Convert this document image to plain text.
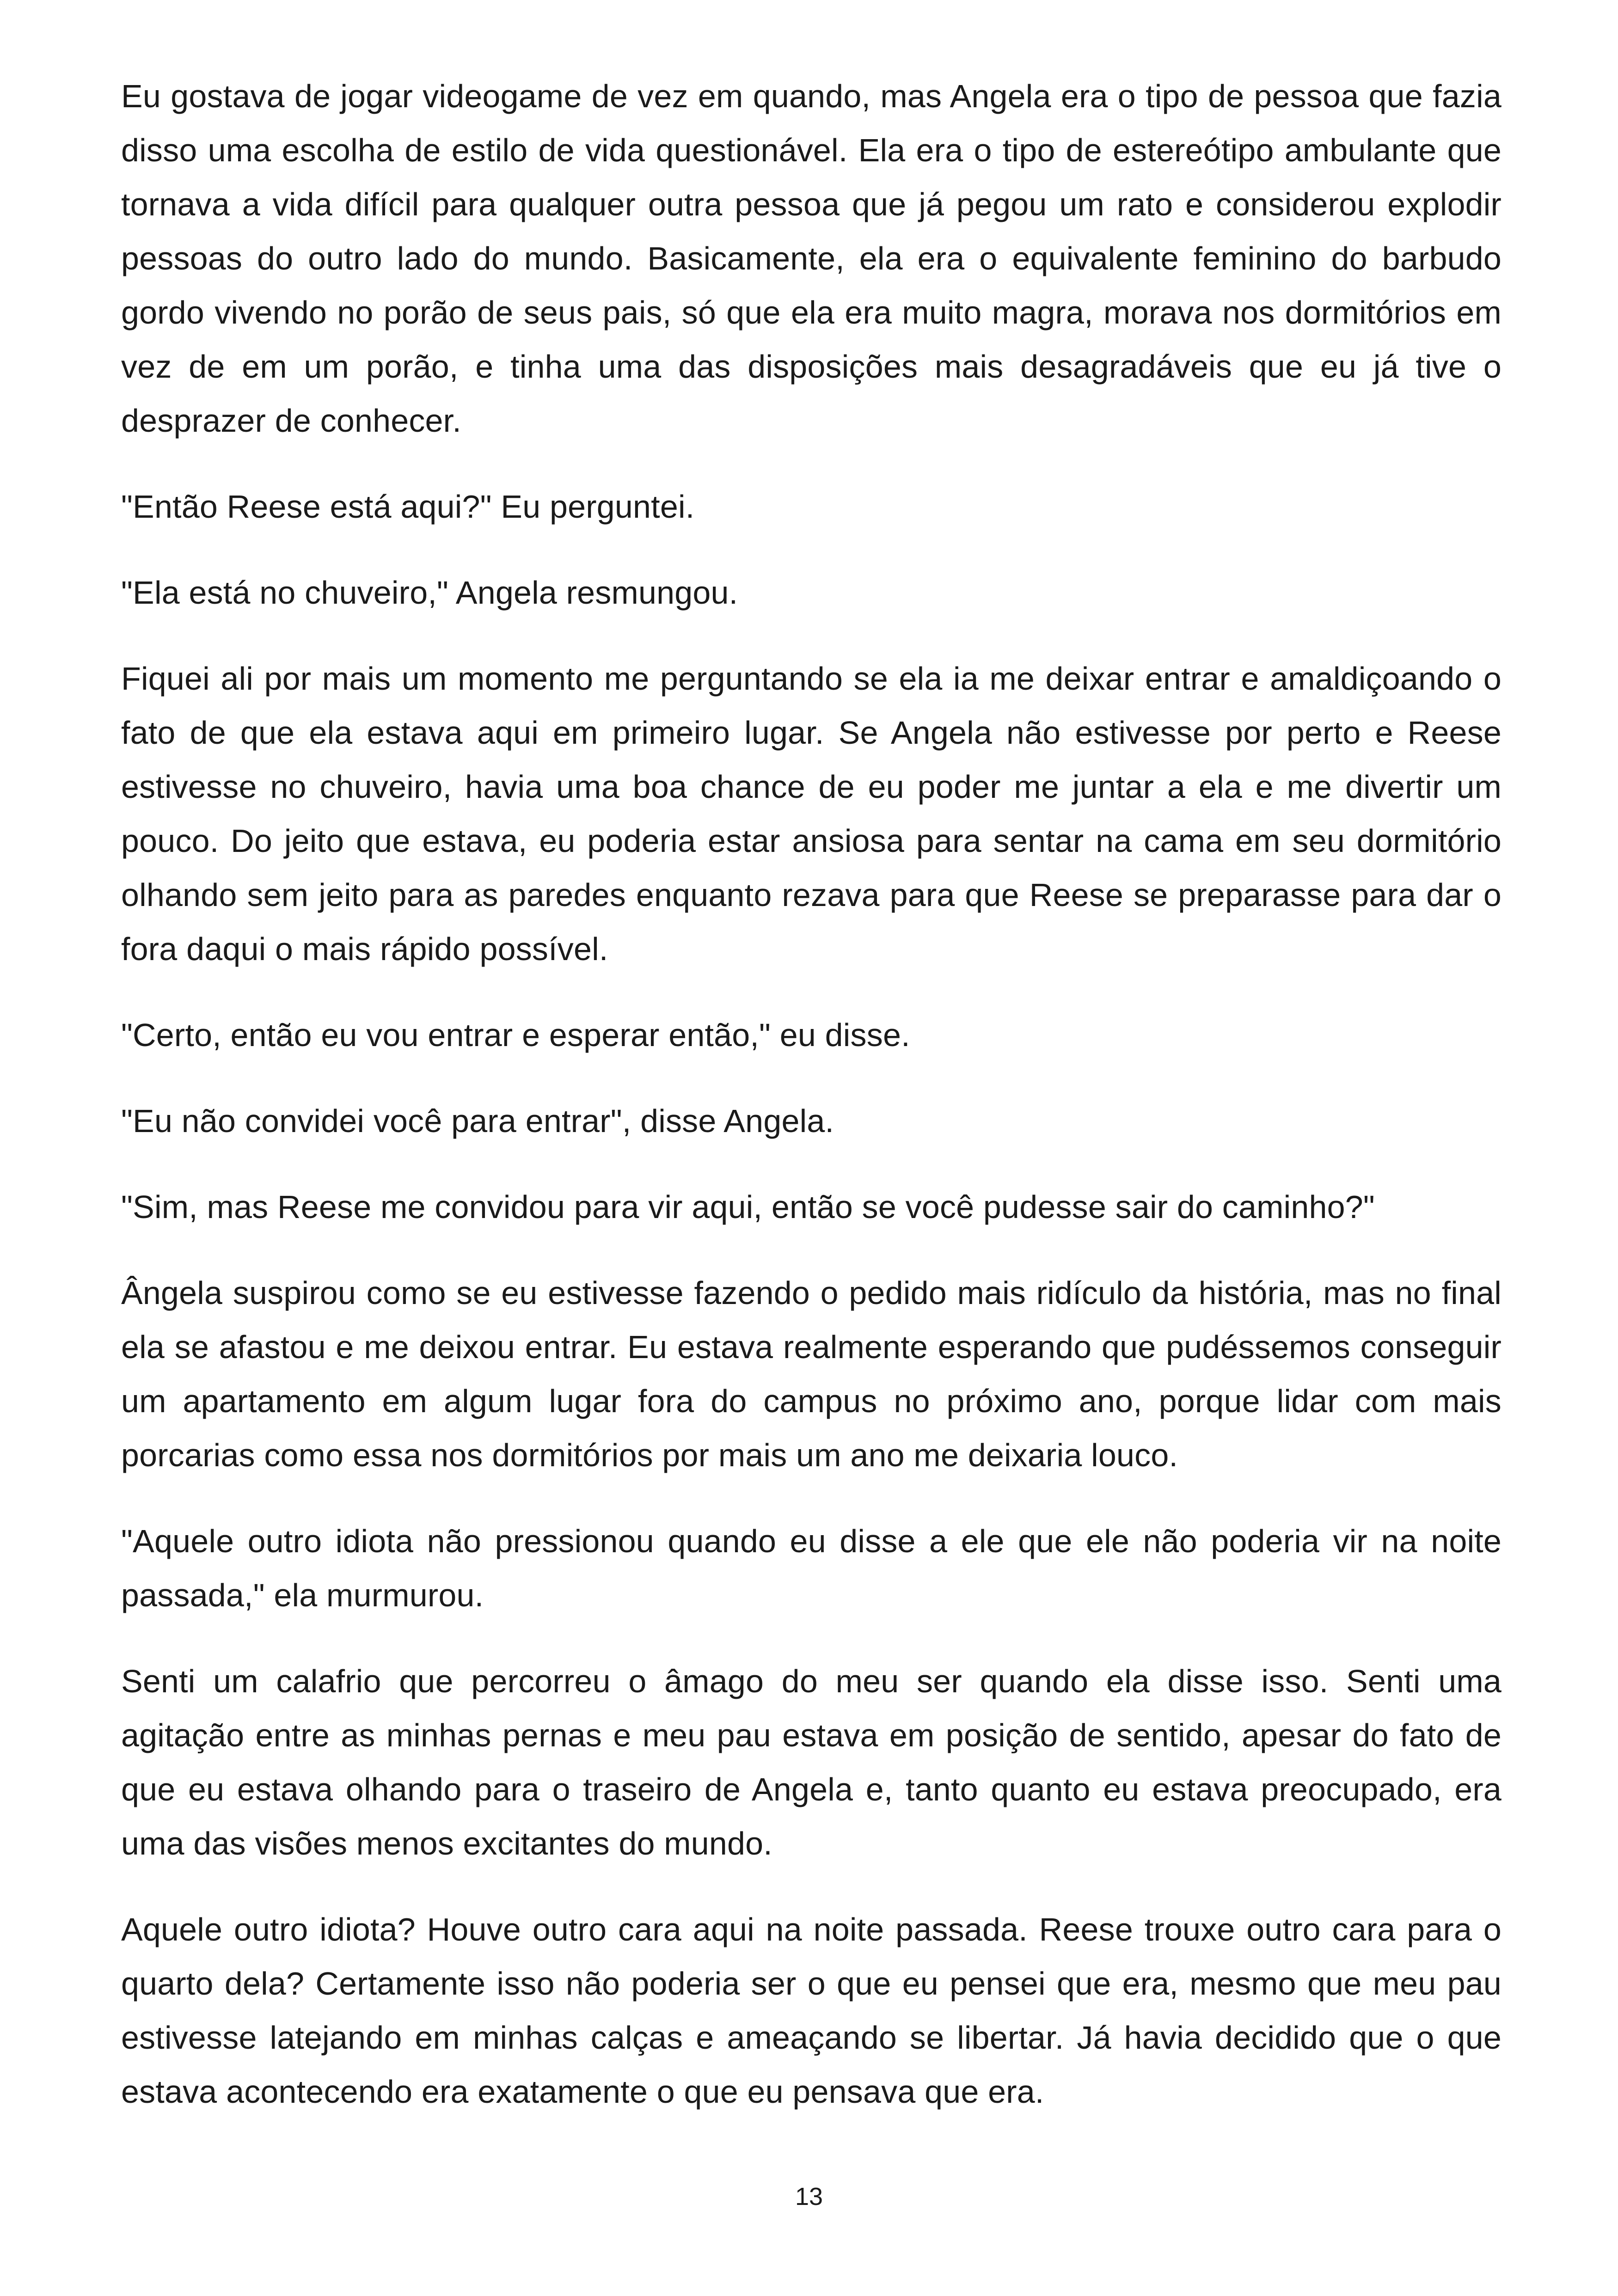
Eu gostava de jogar videogame de vez em quando, mas Angela era o tipo de pessoa que fazia disso uma escolha de estilo de vida questionável. Ela era o tipo de estereótipo ambulante que tornava a vida difícil para qualquer outra pessoa que já pegou um rato e considerou explodir pessoas do outro lado do mundo. Basicamente, ela era o equivalente feminino do barbudo gordo vivendo no porão de seus pais, só que ela era muito magra, morava nos dormitórios em vez de em um porão, e tinha uma das disposições mais desagradáveis que eu já tive o desprazer de conhecer.

"Então Reese está aqui?" Eu perguntei.

"Ela está no chuveiro," Angela resmungou.

Fiquei ali por mais um momento me perguntando se ela ia me deixar entrar e amaldiçoando o fato de que ela estava aqui em primeiro lugar. Se Angela não estivesse por perto e Reese estivesse no chuveiro, havia uma boa chance de eu poder me juntar a ela e me divertir um pouco. Do jeito que estava, eu poderia estar ansiosa para sentar na cama em seu dormitório olhando sem jeito para as paredes enquanto rezava para que Reese se preparasse para dar o fora daqui o mais rápido possível.

"Certo, então eu vou entrar e esperar então," eu disse.

"Eu não convidei você para entrar", disse Angela.

"Sim, mas Reese me convidou para vir aqui, então se você pudesse sair do caminho?"

Ângela suspirou como se eu estivesse fazendo o pedido mais ridículo da história, mas no final ela se afastou e me deixou entrar. Eu estava realmente esperando que pudéssemos conseguir um apartamento em algum lugar fora do campus no próximo ano, porque lidar com mais porcarias como essa nos dormitórios por mais um ano me deixaria louco.

"Aquele outro idiota não pressionou quando eu disse a ele que ele não poderia vir na noite passada," ela murmurou.

Senti um calafrio que percorreu o âmago do meu ser quando ela disse isso. Senti uma agitação entre as minhas pernas e meu pau estava em posição de sentido, apesar do fato de que eu estava olhando para o traseiro de Angela e, tanto quanto eu estava preocupado, era uma das visões menos excitantes do mundo.

Aquele outro idiota? Houve outro cara aqui na noite passada. Reese trouxe outro cara para o quarto dela? Certamente isso não poderia ser o que eu pensei que era, mesmo que meu pau estivesse latejando em minhas calças e ameaçando se libertar. Já havia decidido que o que estava acontecendo era exatamente o que eu pensava que era.

13
